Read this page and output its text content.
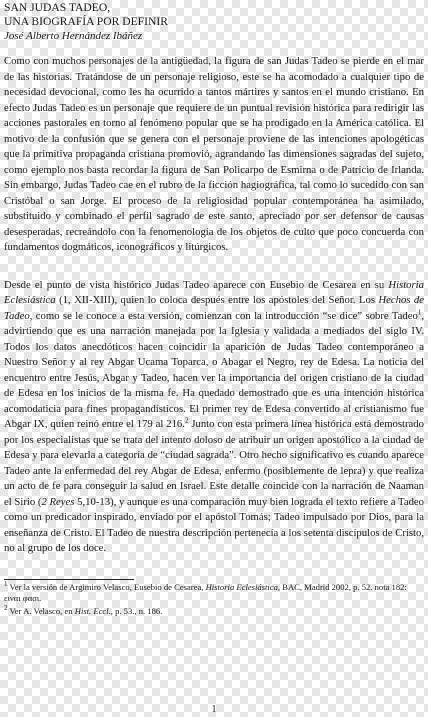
SAN JUDAS TADEO,
UNA BIOGRAFÍA POR DEFINIR
José Alberto Hernández Ibáñez

Como con muchos personajes de la antigüedad, la figura de san Judas Tadeo se pierde en el mar de las historias. Tratándose de un personaje religioso, este se ha acomodado a cualquier tipo de necesidad devocional, como les ha ocurrido a tantos mártires y santos en el mundo cristiano. En efecto Judas Tadeo es un personaje que requiere de un puntual revisión histórica para redirigir las acciones pastorales en torno al fenómeno popular que se ha prodigado en la América católica. El motivo de la confusión que se genera con el personaje proviene de las intenciones apologéticas que la primitiva propaganda cristiana promovió, agrandando las dimensiones sagradas del sujeto, como ejemplo nos basta recordar la figura de San Policarpo de Esmirna o de Patricio de Irlanda. Sin embargo, Judas Tadeo cae en el rubro de la ficción hagiográfica, tal como lo sucedido con san Cristóbal o san Jorge. El proceso de la religiosidad popular contemporánea ha asimilado, substituido y combinado el perfil sagrado de este santo, apreciado por ser defensor de causas desesperadas, recreándolo con la fenomenología de los objetos de culto que poco concuerda con fundamentos dogmáticos, iconográficos y litúrgicos.

Desde el punto de vista histórico Judas Tadeo aparece con Eusebio de Cesarea en su Historia Eclesiástica (1, XII-XIII), quien lo coloca después entre los apóstoles del Señor. Los Hechos de Tadeo, como se le conoce a esta versión, comienzan con la introducción “se dice” sobre Tadeo$^1$, advirtiendo que es una narración manejada por la Iglesia y validada a mediados del siglo IV. Todos los datos anecdóticos hacen coincidir la aparición de Judas Tadeo contemporáneo a Nuestro Señor y al rey Abgar Ucama Toparca, o Abagar el Negro, rey de Edesa. La noticia del encuentro entre Jesús, Abgar y Tadeo, hacen ver la importancia del origen cristiano de la ciudad de Edesa en los inicios de la misma fe. Ha quedado demostrado que es una intención histórica acomodaticia para fines propagandísticos. El primer rey de Edesa convertido al cristianismo fue Abgar IX, quien reinó entre el 179 al 216.$^2$ Junto con esta primera línea histórica está demostrado por los especialistas que se trata del intento doloso de atribuir un origen apostólico a la ciudad de Edesa y para elevarla a categoría de “ciudad sagrada”. Otro hecho significativo es cuando aparece Tadeo ante la enfermedad del rey Abgar de Edesa, enfermo (posiblemente de lepra) y que realiza un acto de fe para conseguir la salud en Israel. Este detalle coincide con la narración de Naaman el Sirio (2 Reyes 5,10-13), y aunque es una comparación muy bien lograda el texto refiere a Tadeo como un predicador inspirado, enviado por el apóstol Tomás; Tadeo impulsado por Dios, para la enseñanza de Cristo. El Tadeo de nuestra descripción pertenecía a los setenta discípulos de Cristo, no al grupo de los doce.

$^1$ Ver la versión de Argimiro Velasco, Eusebio de Cesarea, Historia Eclesiástica, BAC, Madrid 2002, p. 52. nota 182: ειναι φασι.

$^2$ Ver A. Velasco, en Hist. Eccl., p. 53., n. 186.

1
